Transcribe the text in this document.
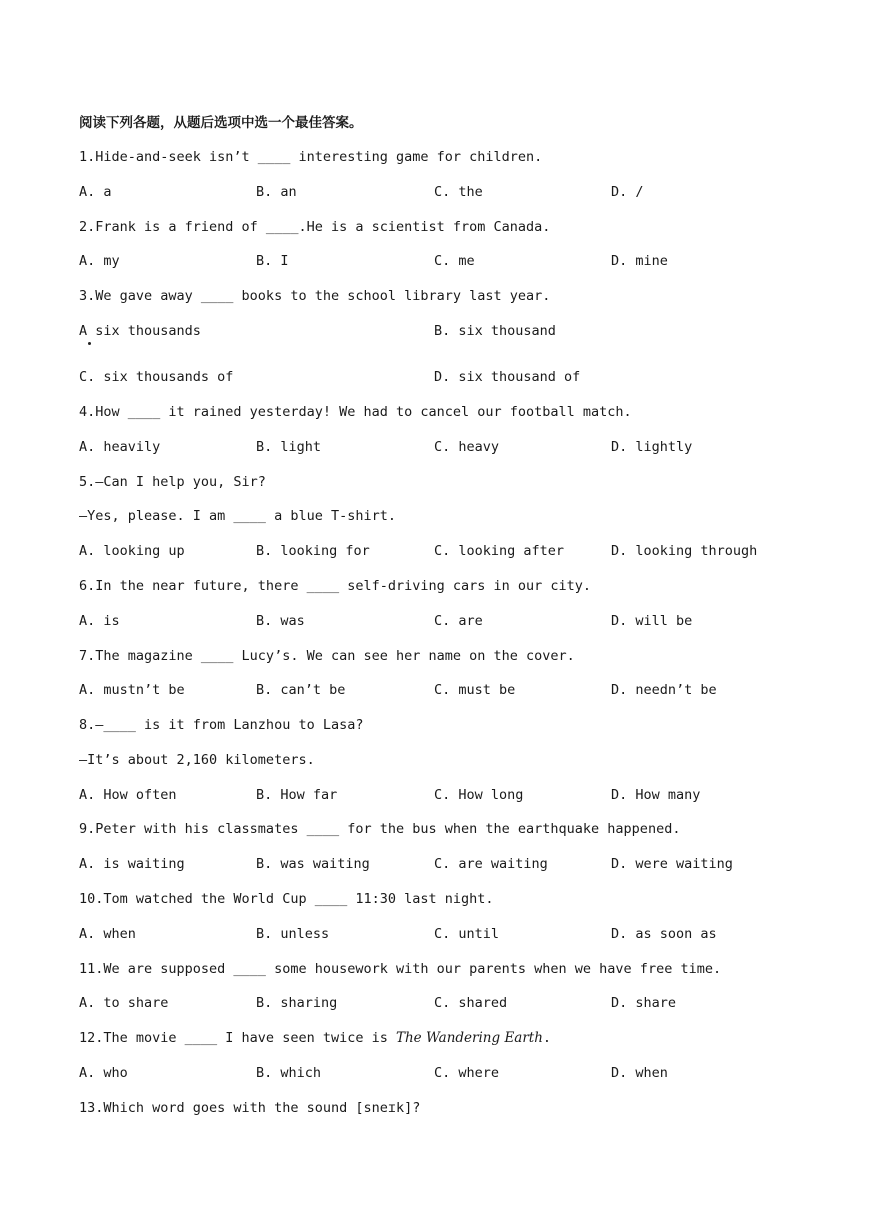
阅读下列各题，从题后选项中选一个最佳答案。
1.Hide-and-seek isn’t ____ interesting game for children.
A. a	B. an	C. the	D. /
2.Frank is a friend of ____.He is a scientist from Canada.
A. my	B. I	C. me	D. mine
3.We gave away ____ books to the school library last year.
A six thousands	B. six thousand
C. six thousands of	D. six thousand of
4.How ____ it rained yesterday! We had to cancel our football match.
A. heavily	B. light	C. heavy	D. lightly
5.—Can I help you, Sir?
—Yes, please. I am ____ a blue T-shirt.
A. looking up	B. looking for	C. looking after	D. looking through
6.In the near future, there ____ self-driving cars in our city.
A. is	B. was	C. are	D. will be
7.The magazine ____ Lucy’s. We can see her name on the cover.
A. mustn’t be	B. can’t be	C. must be	D. needn’t be
8.—____ is it from Lanzhou to Lasa?
—It’s about 2,160 kilometers.
A. How often	B. How far	C. How long	D. How many
9.Peter with his classmates ____ for the bus when the earthquake happened.
A. is waiting	B. was waiting	C. are waiting	D. were waiting
10.Tom watched the World Cup ____ 11:30 last night.
A. when	B. unless	C. until	D. as soon as
11.We are supposed ____ some housework with our parents when we have free time.
A. to share	B. sharing	C. shared	D. share
12.The movie ____ I have seen twice is The Wandering Earth.
A. who	B. which	C. where	D. when
13.Which word goes with the sound [sneɪk]?
